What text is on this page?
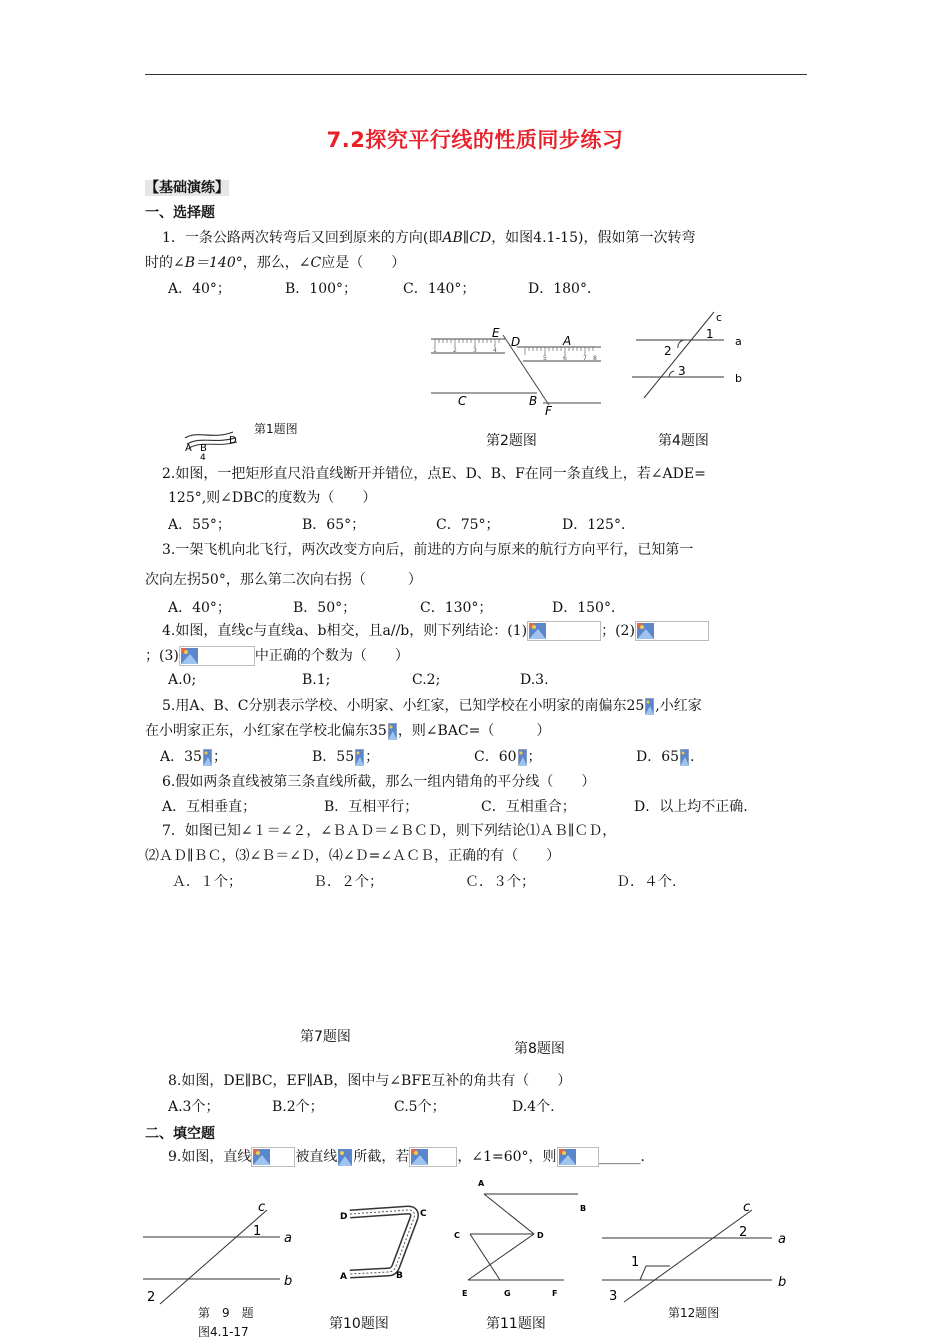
7.2探究平行线的性质同步练习
【基础演练】
一、选择题
1．一条公路两次转弯后又回到原来的方向(即AB∥CD，如图4.1-15)，假如第一次转弯
时的∠B＝140°，那么，∠C应是（　　）
A．40°；	B．100°；	C．140°；	D．180°．
A B
D
4
第1题图
1	2	3	4
5	6	7 8
E
D	A
C	B
F
第2题图
c
a
b
1
2
3
第4题图
2.如图，一把矩形直尺沿直线断开并错位，点E、D、B、F在同一条直线上，若∠ADE=
125°,则∠DBC的度数为（　　）
A．55°；	B．65°；	C．75°；	D．125°．
3.一架飞机向北飞行，两次改变方向后，前进的方向与原来的航行方向平行，已知第一
次向左拐50°，那么第二次向右拐（　　　）
A．40°；	B．50°；	C．130°；	D．150°．
4.如图，直线c与直线a、b相交，且a//b，则下列结论：(1)	；(2)
；(3)	中正确的个数为（　　）
A.0;	B.1;	C.2;	D.3.
5.用A、B、C分别表示学校、小明家、小红家，已知学校在小明家的南偏东25 ,小红家
在小明家正东，小红家在学校北偏东35 ，则∠BAC=（　　　）
A．35 ；	B．55 ；	C．60 ；	D．65 .
6.假如两条直线被第三条直线所截，那么一组内错角的平分线（　　）
A．互相垂直；	B．互相平行；	C．互相重合；	D．以上均不正确.
7．如图已知∠１＝∠２，∠ＢＡＤ＝∠ＢＣＤ，则下列结论⑴ＡＢ∥ＣＤ，
⑵ＡＤ∥ＢＣ，⑶∠Ｂ＝∠Ｄ，⑷∠Ｄ=∠ＡＣＢ，正确的有（　　）
Ａ．１个；	Ｂ．２个；	Ｃ．３个；	Ｄ．４个.
第7题图
第8题图
8.如图，DE∥BC，EF∥AB，图中与∠BFE互补的角共有（　　）
A.3个；	B.2个；	C.5个；	D.4个.
二、填空题
9.如图，直线	被直线 所截，若	，∠1=60°，则	______.
c
a
b
1
2
第　9　题
图4.1-17
D	C
A	B
第10题图
A
B
C	D
E	G	F
第11题图
c
a
b
1
2
3
第12题图
